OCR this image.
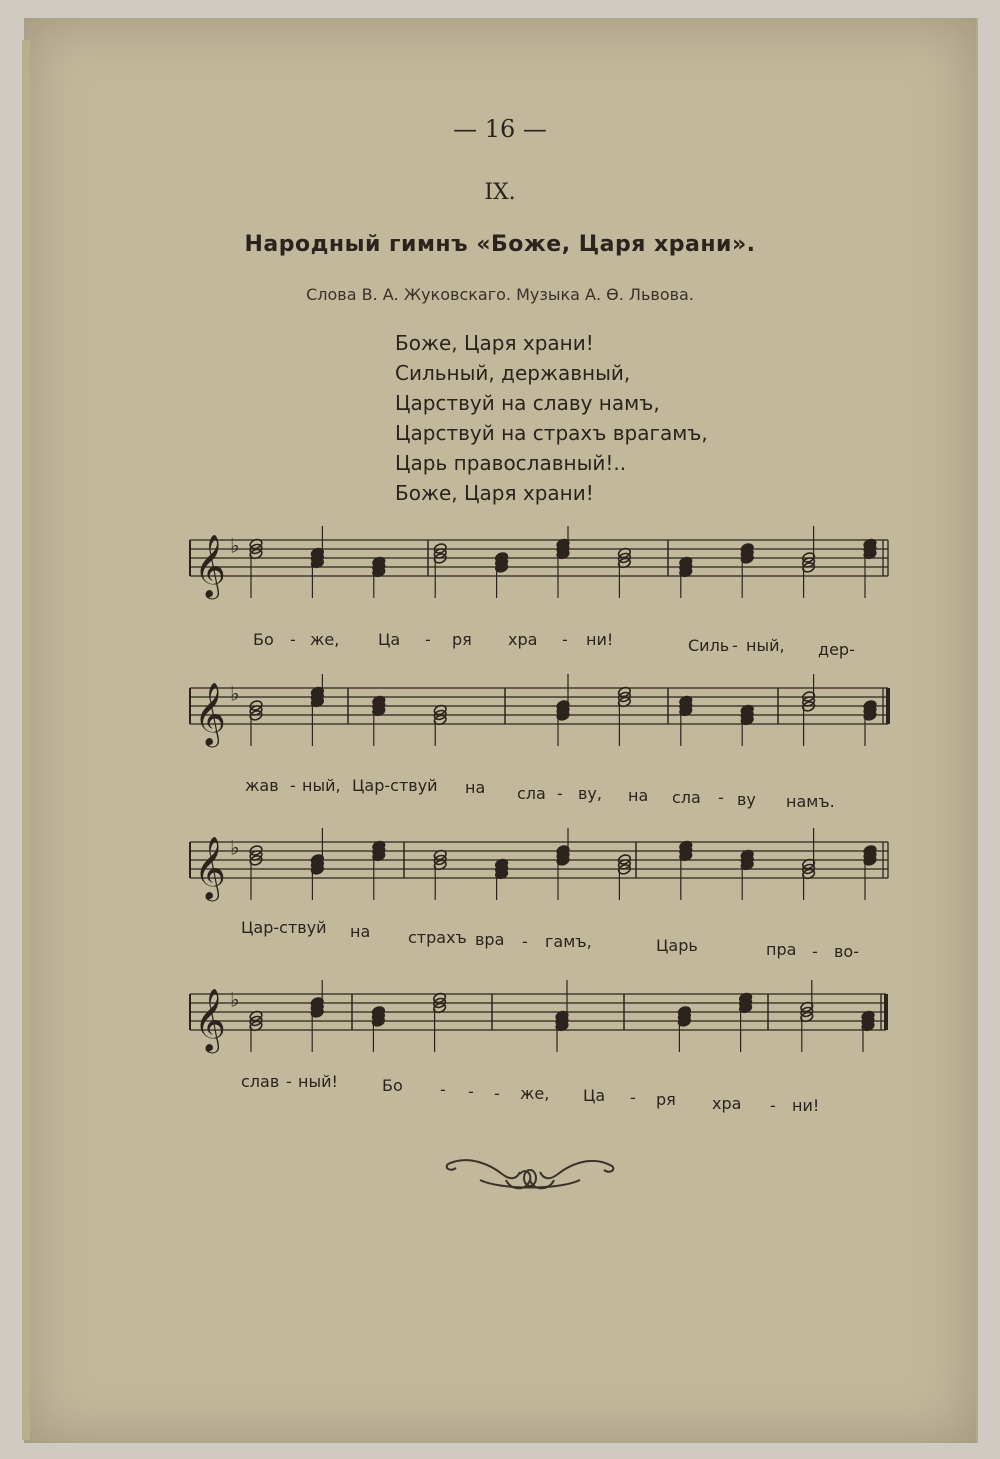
— 16 —
IX.
Народный гимнъ «Боже, Царя храни».
Слова В. А. Жуковскаго. Музыка А. Ѳ. Львова.
Боже, Царя храни!
Сильный, державный,
Царствуй на славу намъ,
Царствуй на страхъ врагамъ,
Царь православный!..
Боже, Царя храни!
𝄞 ♭
𝄞 ♭
𝄞 ♭
𝄞 ♭
Бо - же, Ца - ря хра - ни!	Силь - ный, дер-
жав - ный, Цар-ствуй на сла - ву, на сла - ву намъ.
Цар-ствуй на страхъ вра - гамъ,	Царь	пра - во-
слав - ный!	Бо - - - же, Ца - ря хра - ни!
